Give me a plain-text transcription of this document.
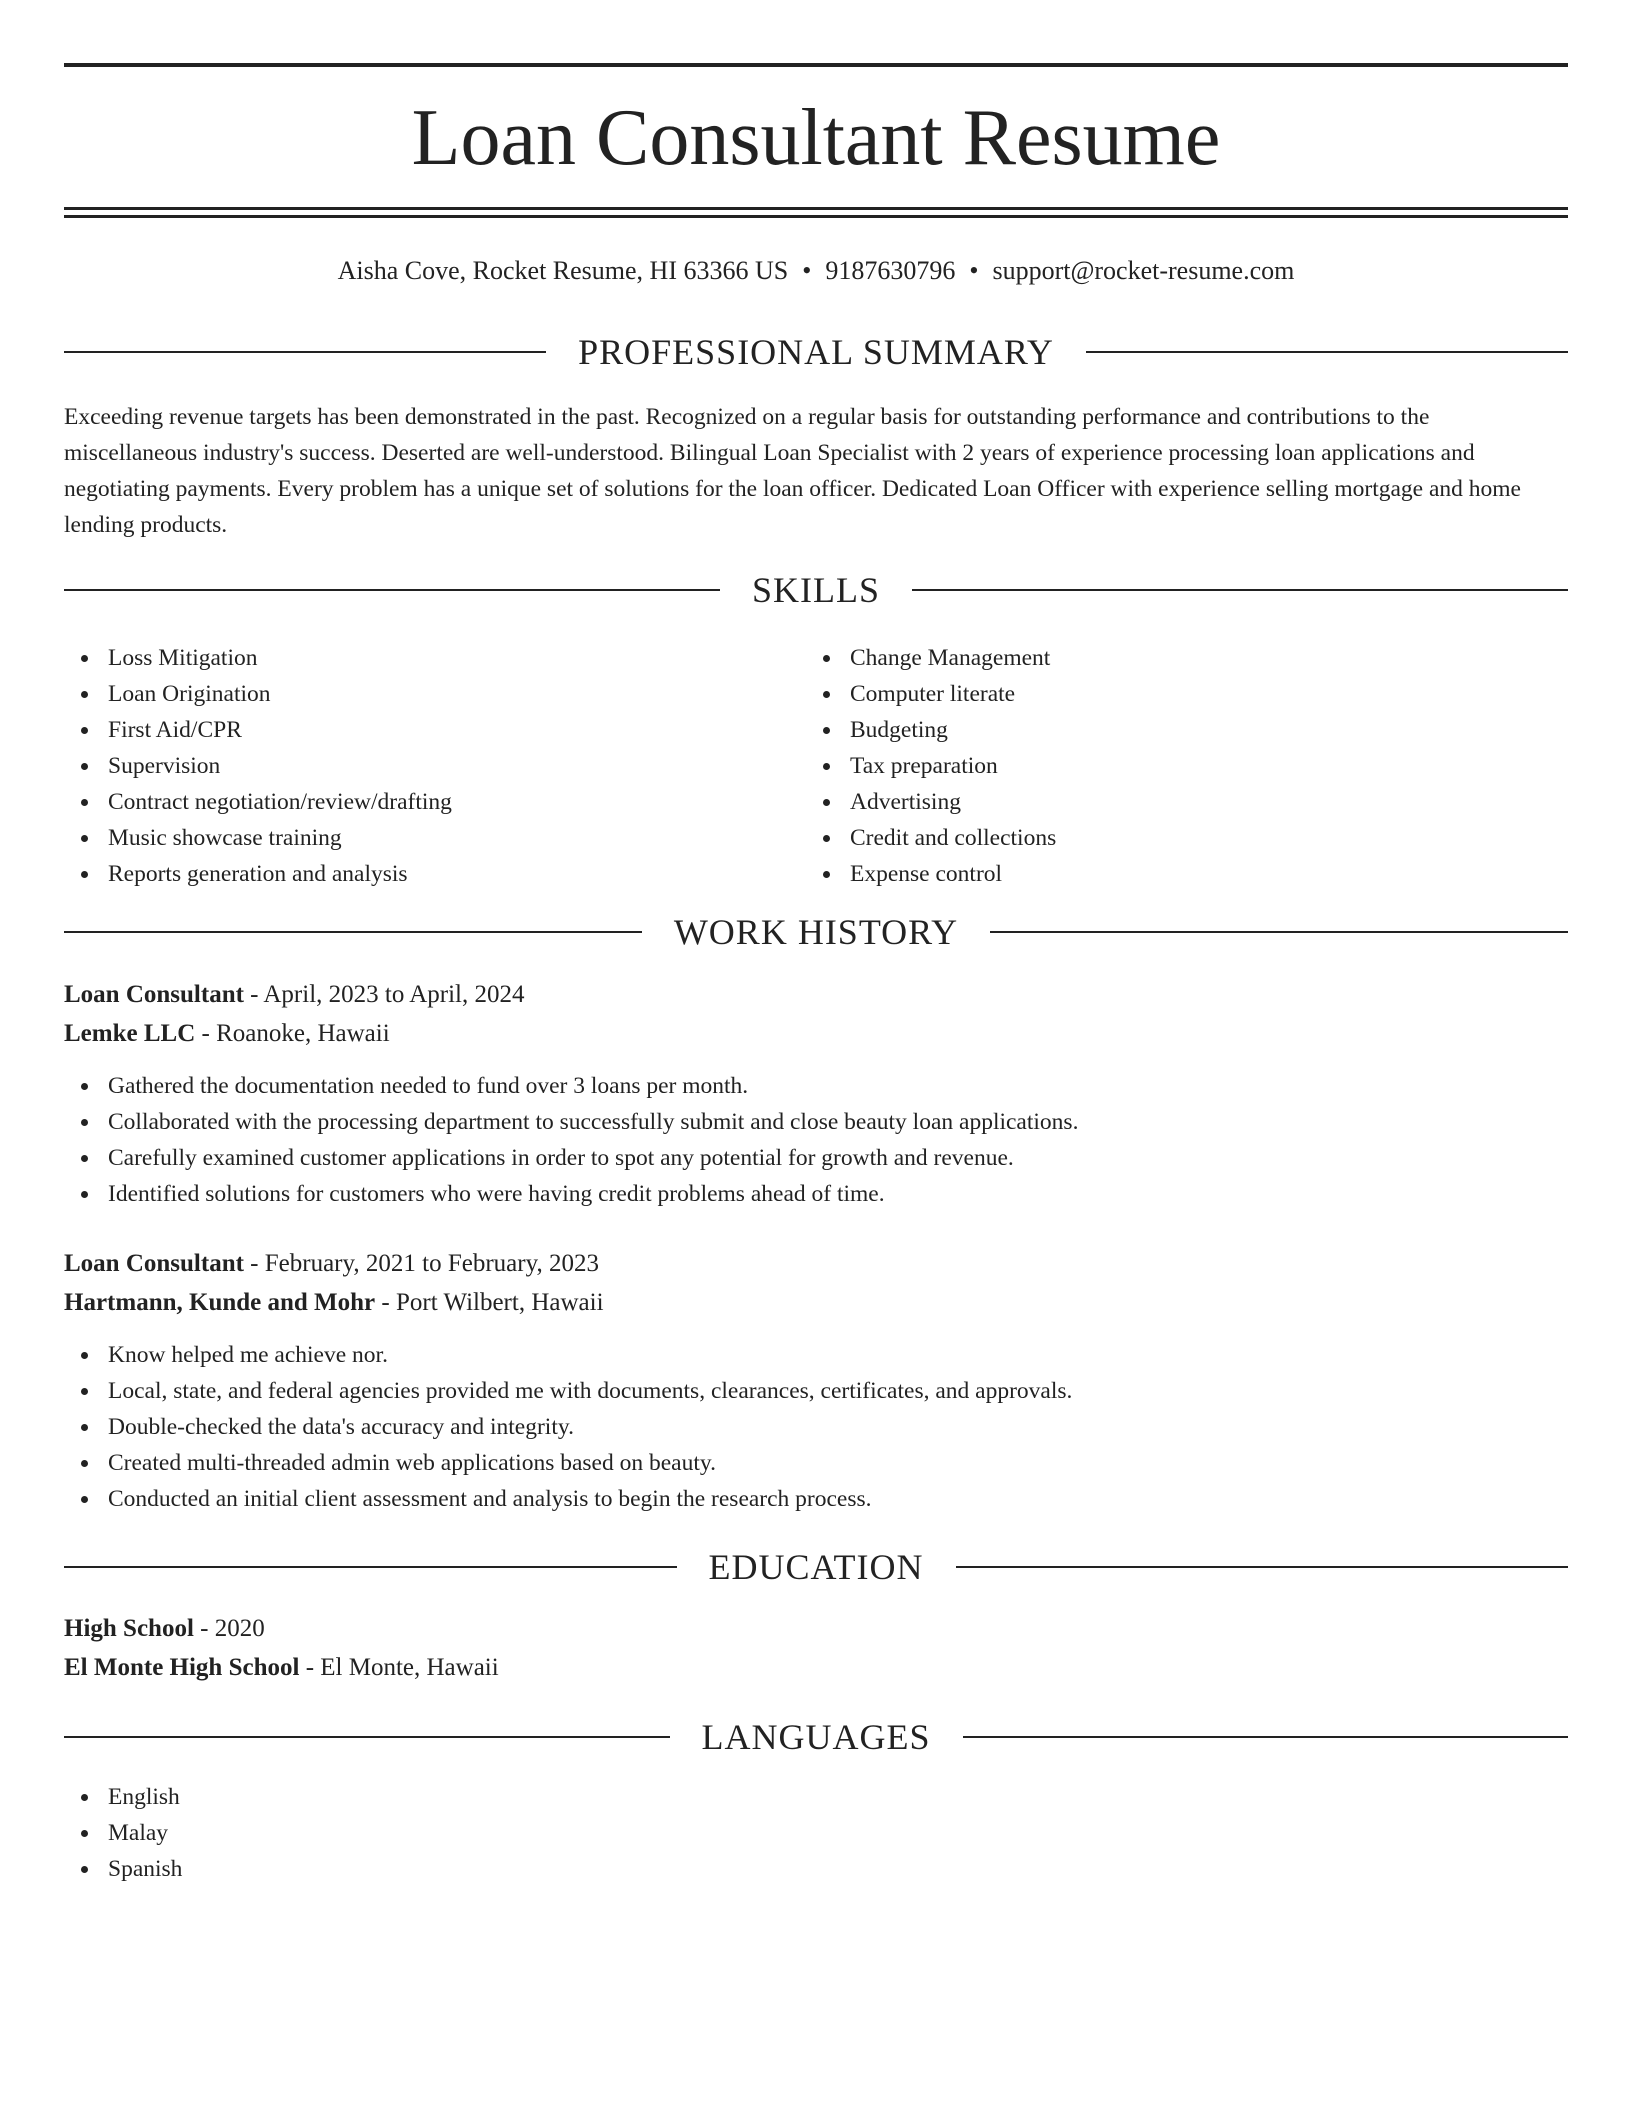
Loan Consultant Resume
Aisha Cove, Rocket Resume, HI 63366 US • 9187630796 • support@rocket-resume.com
PROFESSIONAL SUMMARY

Exceeding revenue targets has been demonstrated in the past. Recognized on a regular basis for outstanding performance and contributions to the miscellaneous industry's success. Deserted are well-understood. Bilingual Loan Specialist with 2 years of experience processing loan applications and negotiating payments. Every problem has a unique set of solutions for the loan officer. Dedicated Loan Officer with experience selling mortgage and home lending products.

SKILLS
Loss Mitigation
Loan Origination
First Aid/CPR
Supervision
Contract negotiation/review/drafting
Music showcase training
Reports generation and analysis
Change Management
Computer literate
Budgeting
Tax preparation
Advertising
Credit and collections
Expense control
WORK HISTORY
Loan Consultant - April, 2023 to April, 2024
Lemke LLC - Roanoke, Hawaii
Gathered the documentation needed to fund over 3 loans per month.
Collaborated with the processing department to successfully submit and close beauty loan applications.
Carefully examined customer applications in order to spot any potential for growth and revenue.
Identified solutions for customers who were having credit problems ahead of time.
Loan Consultant - February, 2021 to February, 2023
Hartmann, Kunde and Mohr - Port Wilbert, Hawaii
Know helped me achieve nor.
Local, state, and federal agencies provided me with documents, clearances, certificates, and approvals.
Double-checked the data's accuracy and integrity.
Created multi-threaded admin web applications based on beauty.
Conducted an initial client assessment and analysis to begin the research process.
EDUCATION
High School - 2020
El Monte High School - El Monte, Hawaii
LANGUAGES
English
Malay
Spanish
